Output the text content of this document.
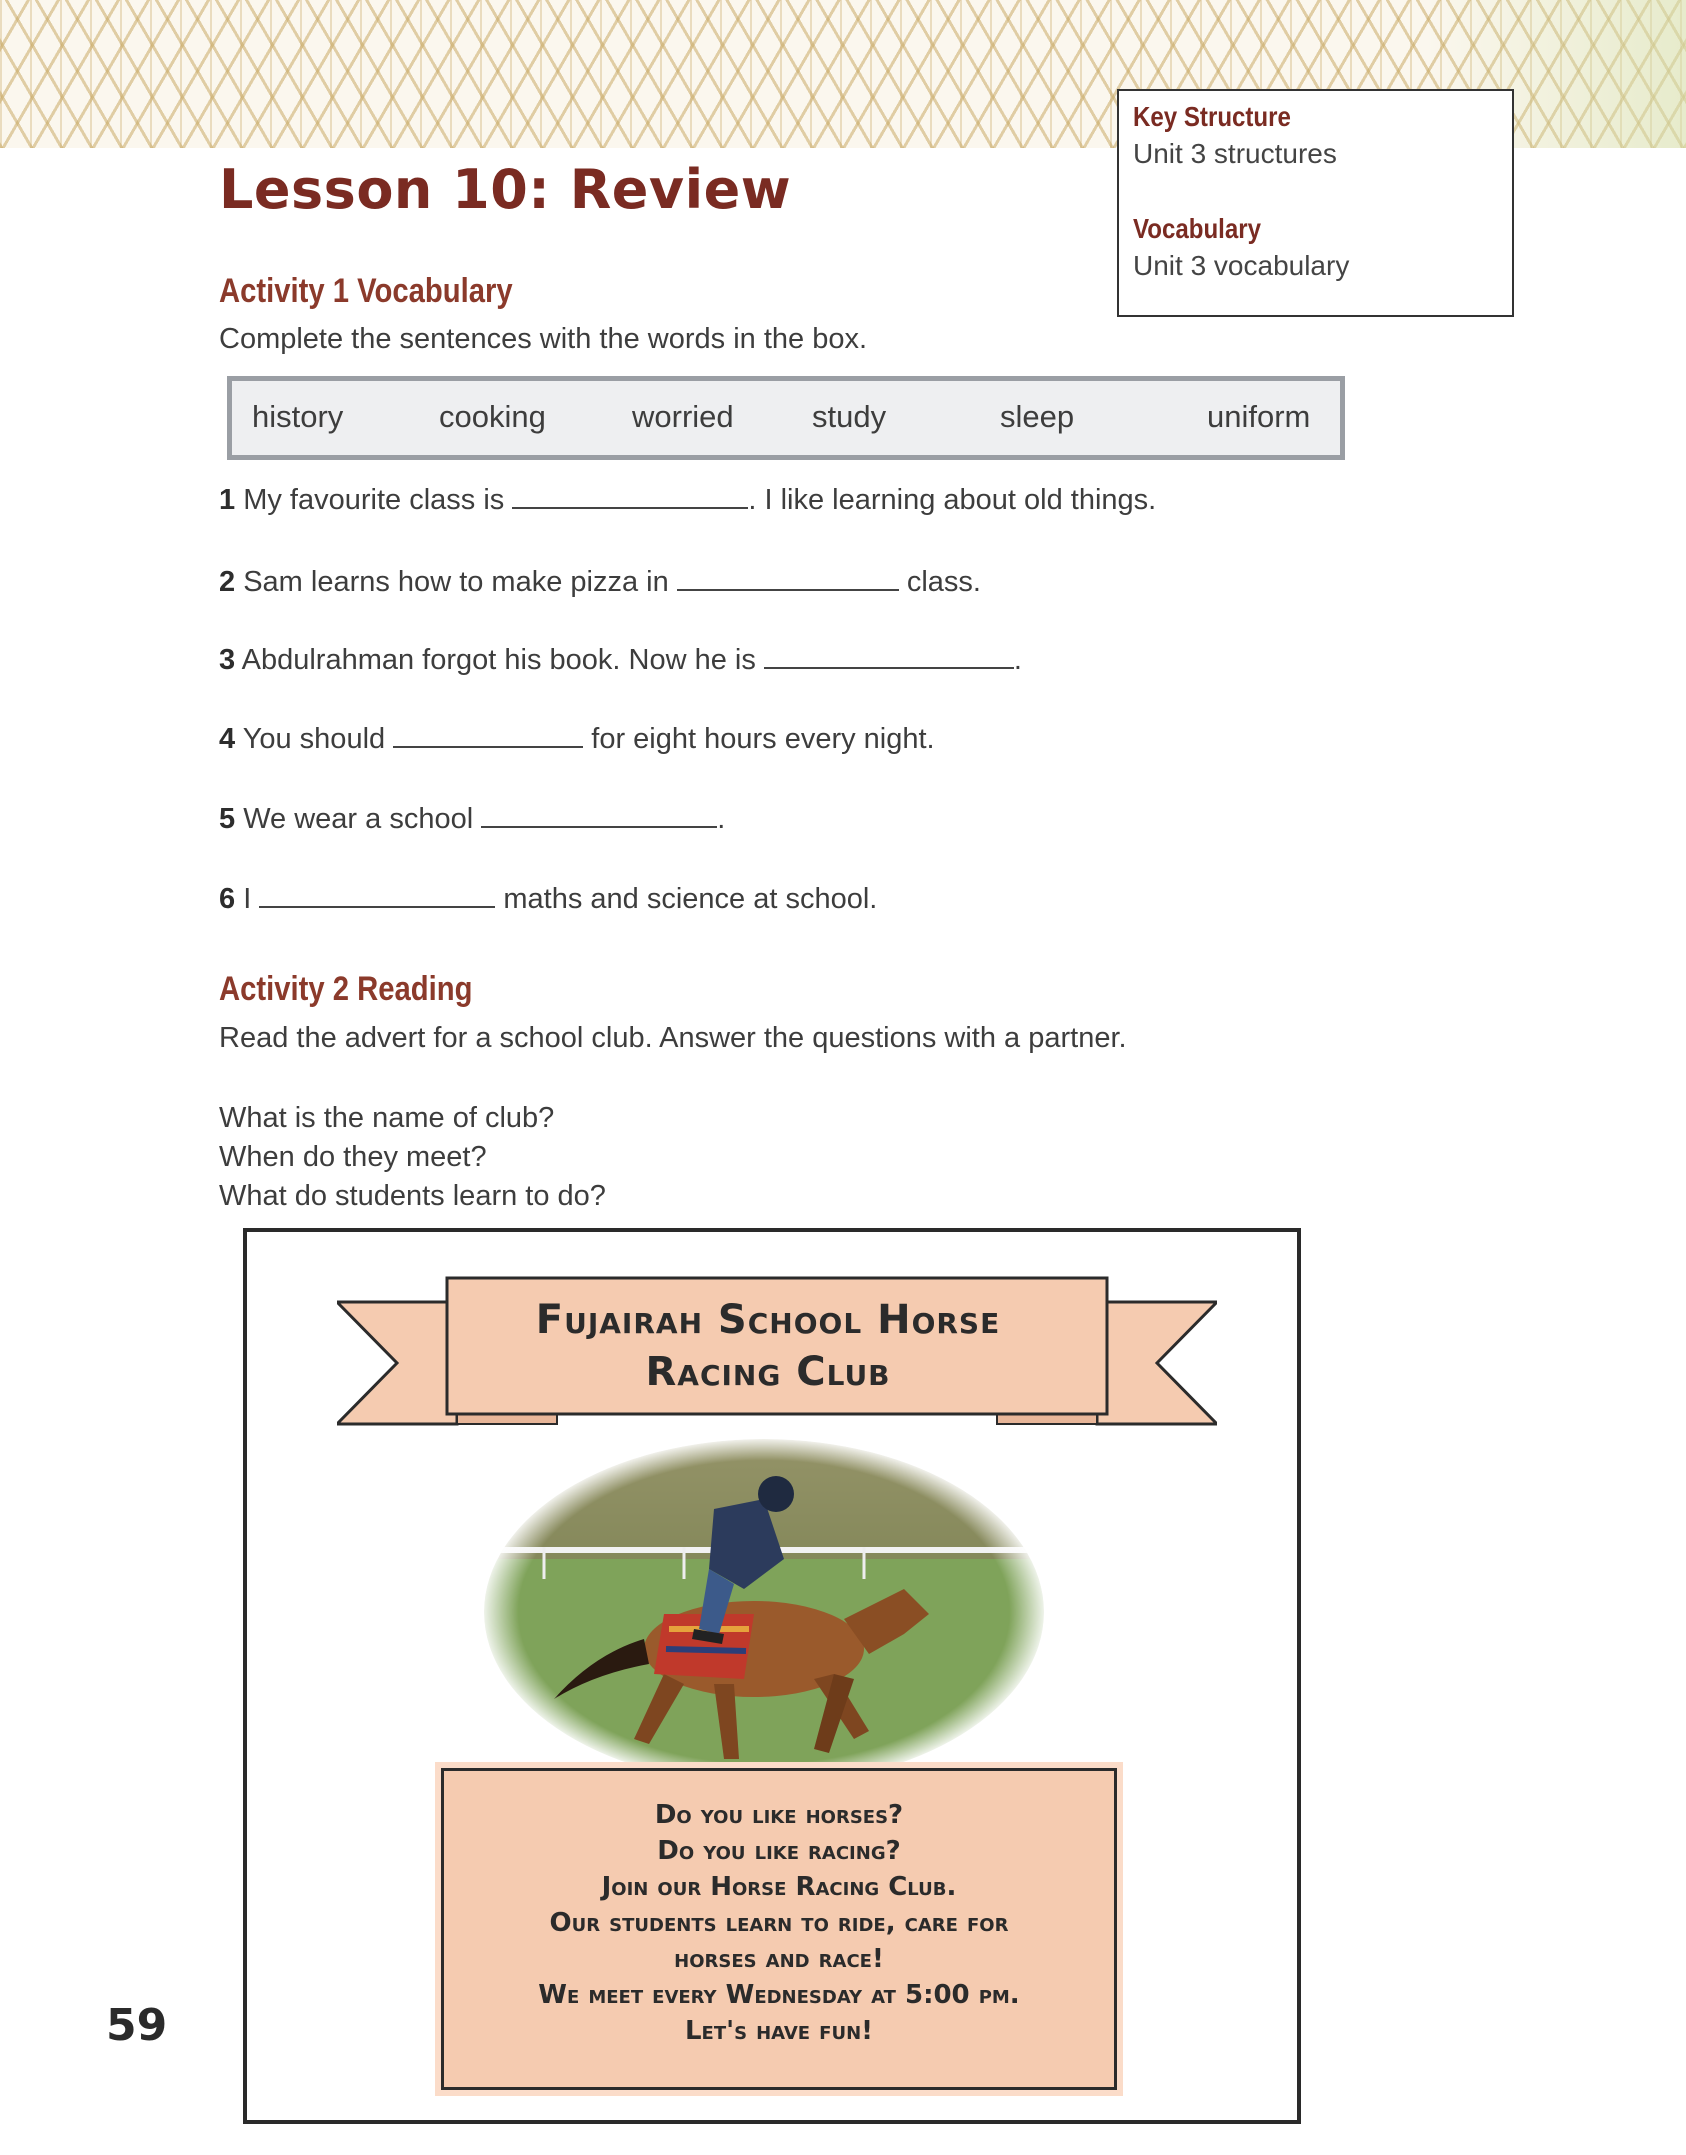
Key Structure
Unit 3 structures
Vocabulary
Unit 3 vocabulary
Lesson 10: Review
Activity 1 Vocabulary
Complete the sentences with the words in the box.
history	cooking	worried	study	sleep	uniform
1 My favourite class is	. I like learning about old things.
2 Sam learns how to make pizza in	class.
3 Abdulrahman forgot his book. Now he is	.
4 You should	for eight hours every night.
5 We wear a school	.
6 I	maths and science at school.
Activity 2 Reading
Read the advert for a school club. Answer the questions with a partner.
What is the name of club?
When do they meet?
What do students learn to do?
Fujairah School Horse
Racing Club
Do you like horses?
Do you like racing?
Join our Horse Racing Club.
Our students learn to ride, care for
horses and race!
We meet every Wednesday at 5:00 pm.
Let's have fun!
59
